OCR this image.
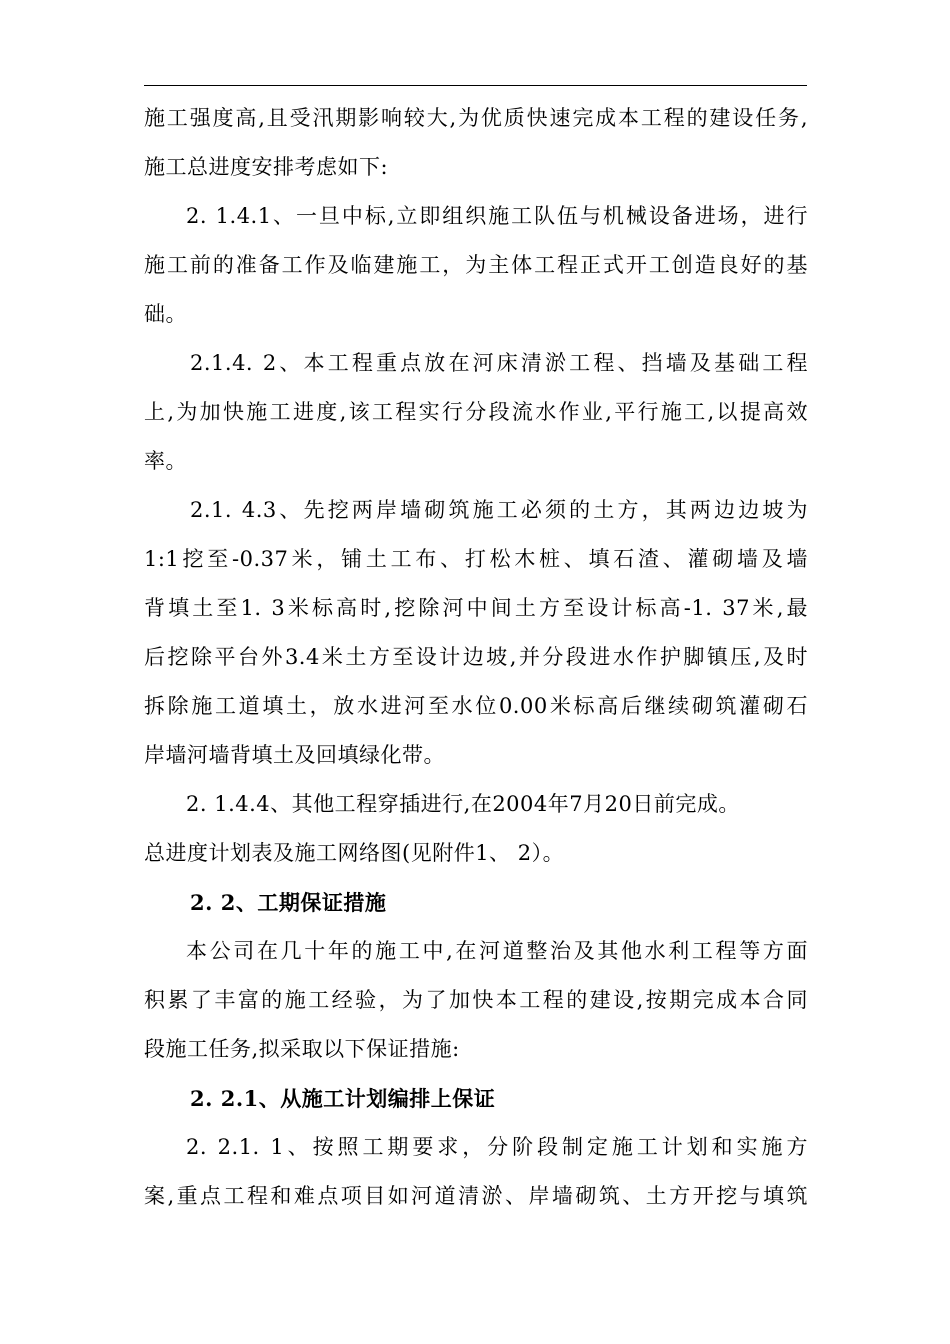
施工强度高,且受汛期影响较大,为优质快速完成本工程的建设任务,
施工总进度安排考虑如下:
2. 1.4.1、一旦中标,立即组织施工队伍与机械设备进场，进行
施工前的准备工作及临建施工，为主体工程正式开工创造良好的基
础。
2.1.4. 2、本工程重点放在河床清淤工程、挡墙及基础工程
上,为加快施工进度,该工程实行分段流水作业,平行施工,以提高效
率。
2.1. 4.3、先挖两岸墙砌筑施工必须的土方，其两边边坡为
1:1挖至-0.37米，铺土工布、打松木桩、填石渣、灌砌墙及墙
背填土至1. 3米标高时,挖除河中间土方至设计标高-1. 37米,最
后挖除平台外3.4米土方至设计边坡,并分段进水作护脚镇压,及时
拆除施工道填土，放水进河至水位0.00米标高后继续砌筑灌砌石
岸墙河墙背填土及回填绿化带。
2. 1.4.4、其他工程穿插进行,在2004年7月20日前完成。
总进度计划表及施工网络图(见附件1、 2）。
2. 2、工期保证措施
本公司在几十年的施工中,在河道整治及其他水利工程等方面
积累了丰富的施工经验，为了加快本工程的建设,按期完成本合同
段施工任务,拟采取以下保证措施:
2. 2.1、从施工计划编排上保证
2. 2.1. 1、按照工期要求，分阶段制定施工计划和实施方
案,重点工程和难点项目如河道清淤、岸墙砌筑、土方开挖与填筑
